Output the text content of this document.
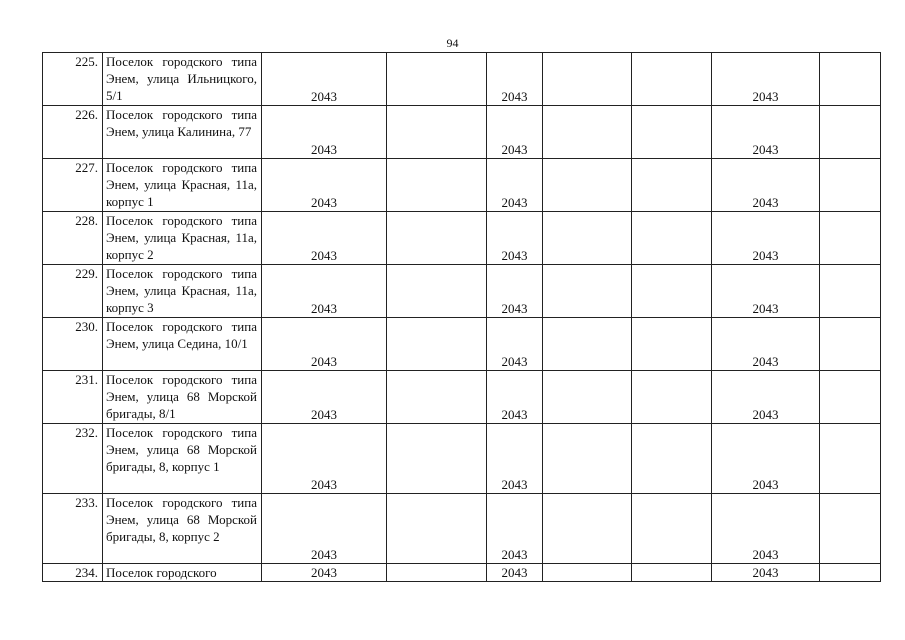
94
225.	Поселок городского типа Энем, улица Ильницкого, 5/1	2043		2043			2043	
226.	Поселок городского типа Энем, улица Калинина, 77	2043		2043			2043	
227.	Поселок городского типа Энем, улица Красная, 11а, корпус 1	2043		2043			2043	
228.	Поселок городского типа Энем, улица Красная, 11а, корпус 2	2043		2043			2043	
229.	Поселок городского типа Энем, улица Красная, 11а, корпус 3	2043		2043			2043	
230.	Поселок городского типа Энем, улица Седина, 10/1	2043		2043			2043	
231.	Поселок городского типа Энем, улица 68 Морской бригады, 8/1	2043		2043			2043	
232.	Поселок городского типа Энем, улица 68 Морской бригады, 8, корпус 1	2043		2043			2043	
233.	Поселок городского типа Энем, улица 68 Морской бригады, 8, корпус 2	2043		2043			2043	
234.	Поселок городского	2043		2043			2043	
